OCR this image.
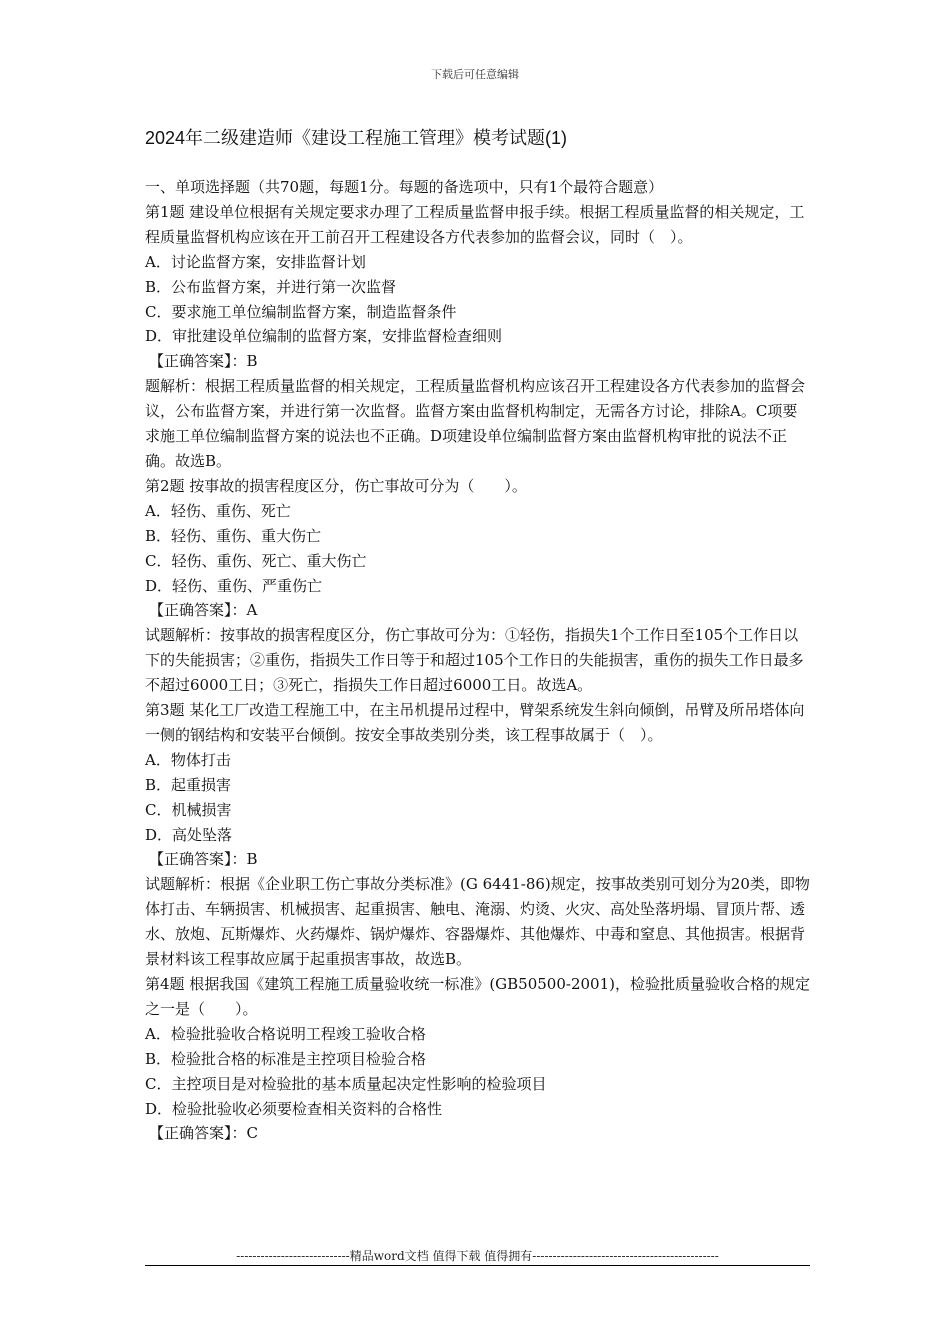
下载后可任意编辑
2024年二级建造师《建设工程施工管理》模考试题(1)

一、单项选择题（共70题，每题1分。每题的备选项中，只有1个最符合题意）

第1题 建设单位根据有关规定要求办理了工程质量监督申报手续。根据工程质量监督的相关规定，工程质量监督机构应该在开工前召开工程建设各方代表参加的监督会议，同时（　）。

A．讨论监督方案，安排监督计划

B．公布监督方案，并进行第一次监督

C．要求施工单位编制监督方案，制造监督条件

D．审批建设单位编制的监督方案，安排监督检查细则

【正确答案】：B

题解析：根据工程质量监督的相关规定，工程质量监督机构应该召开工程建设各方代表参加的监督会议，公布监督方案，并进行第一次监督。监督方案由监督机构制定，无需各方讨论，排除A。C项要求施工单位编制监督方案的说法也不正确。D项建设单位编制监督方案由监督机构审批的说法不正确。故选B。

第2题 按事故的损害程度区分，伤亡事故可分为（　　）。

A．轻伤、重伤、死亡

B．轻伤、重伤、重大伤亡

C．轻伤、重伤、死亡、重大伤亡

D．轻伤、重伤、严重伤亡

【正确答案】：A

试题解析：按事故的损害程度区分，伤亡事故可分为：①轻伤，指损失1个工作日至105个工作日以下的失能损害；②重伤，指损失工作日等于和超过105个工作日的失能损害，重伤的损失工作日最多不超过6000工日；③死亡，指损失工作日超过6000工日。故选A。

第3题 某化工厂改造工程施工中，在主吊机提吊过程中，臂架系统发生斜向倾倒，吊臂及所吊塔体向一侧的钢结构和安装平台倾倒。按安全事故类别分类，该工程事故属于（　）。

A．物体打击

B．起重损害

C．机械损害

D．高处坠落

【正确答案】：B

试题解析：根据《企业职工伤亡事故分类标准》(G 6441-86)规定，按事故类别可划分为20类，即物体打击、车辆损害、机械损害、起重损害、触电、淹溺、灼烫、火灾、高处坠落坍塌、冒顶片帮、透水、放炮、瓦斯爆炸、火药爆炸、锅炉爆炸、容器爆炸、其他爆炸、中毒和窒息、其他损害。根据背景材料该工程事故应属于起重损害事故，故选B。

第4题 根据我国《建筑工程施工质量验收统一标准》(GB50500-2001)，检验批质量验收合格的规定之一是（　　）。

A．检验批验收合格说明工程竣工验收合格

B．检验批合格的标准是主控项目检验合格

C．主控项目是对检验批的基本质量起决定性影响的检验项目

D．检验批验收必须要检查相关资料的合格性

【正确答案】：C

----------------------------精品word文档 值得下载 值得拥有----------------------------------------------
